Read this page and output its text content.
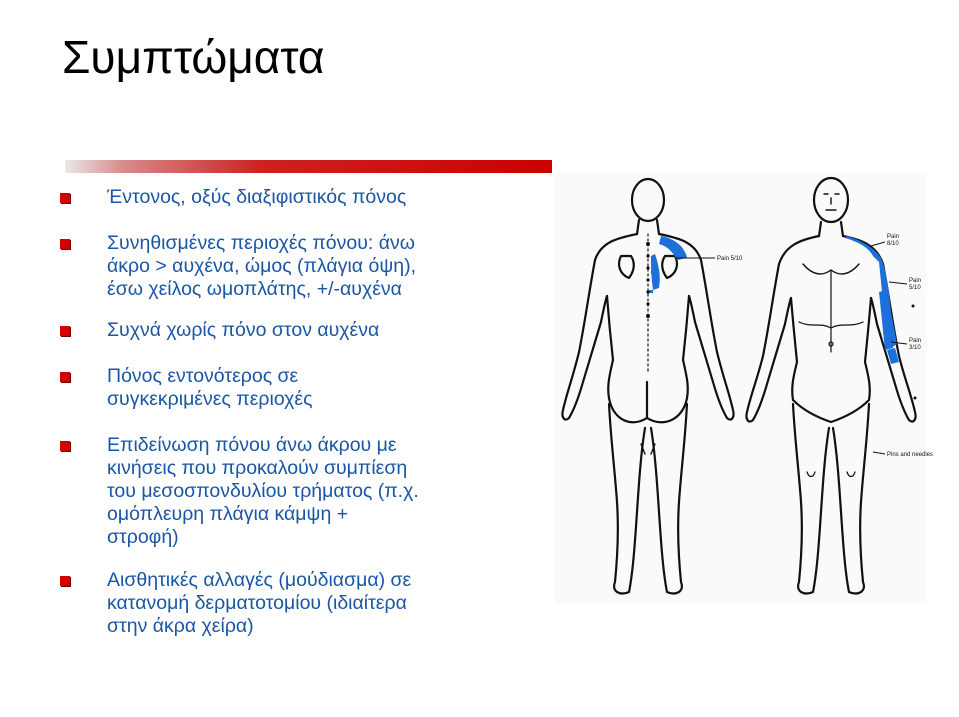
Συμπτώματα
Έντονος, οξύς διαξιφιστικός πόνος
Συνηθισμένες περιοχές πόνου: άνω
άκρο > αυχένα, ώμος (πλάγια όψη),
έσω χείλος ωμοπλάτης, +/-αυχένα
Συχνά χωρίς πόνο στον αυχένα
Πόνος εντονότερος σε
συγκεκριμένες περιοχές
Επιδείνωση πόνου άνω άκρου με
κινήσεις που προκαλούν συμπίεση
του μεσοσπονδυλίου τρήματος (π.χ.
ομόπλευρη πλάγια κάμψη +
στροφή)
Αισθητικές αλλαγές (μούδιασμα) σε
κατανομή δερματοτομίου (ιδιαίτερα
στην άκρα χείρα)
Pain 5/10
Pain
8/10
Pain
5/10
Pain
3/10
Pins and needles
